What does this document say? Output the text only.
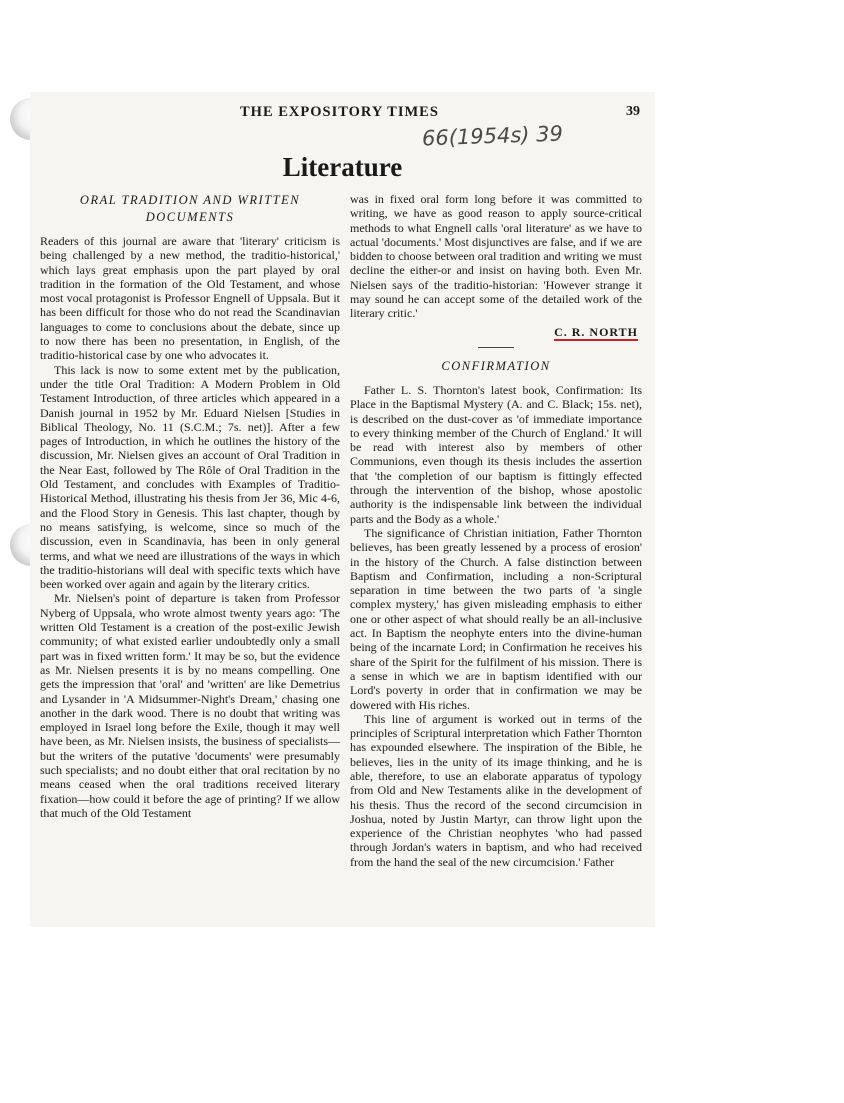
THE EXPOSITORY TIMES	39
66(1954s) 39
Literature
ORAL TRADITION AND WRITTEN
DOCUMENTS

Readers of this journal are aware that 'literary' criticism is being challenged by a new method, the traditio-historical,' which lays great emphasis upon the part played by oral tradition in the formation of the Old Testament, and whose most vocal protagonist is Professor Engnell of Uppsala. But it has been difficult for those who do not read the Scandinavian languages to come to conclusions about the debate, since up to now there has been no presentation, in English, of the traditio-historical case by one who advocates it.

This lack is now to some extent met by the publication, under the title Oral Tradition: A Modern Problem in Old Testament Introduction, of three articles which appeared in a Danish journal in 1952 by Mr. Eduard Nielsen [Studies in Biblical Theology, No. 11 (S.C.M.; 7s. net)]. After a few pages of Introduction, in which he outlines the history of the discussion, Mr. Nielsen gives an account of Oral Tradition in the Near East, followed by The Rôle of Oral Tradition in the Old Testament, and concludes with Examples of Traditio-Historical Method, illustrating his thesis from Jer 36, Mic 4-6, and the Flood Story in Genesis. This last chapter, though by no means satisfying, is welcome, since so much of the discussion, even in Scandinavia, has been in only general terms, and what we need are illustrations of the ways in which the traditio-historians will deal with specific texts which have been worked over again and again by the literary critics.

Mr. Nielsen's point of departure is taken from Professor Nyberg of Uppsala, who wrote almost twenty years ago: 'The written Old Testament is a creation of the post-exilic Jewish community; of what existed earlier undoubtedly only a small part was in fixed written form.' It may be so, but the evidence as Mr. Nielsen presents it is by no means compelling. One gets the impression that 'oral' and 'written' are like Demetrius and Lysander in 'A Midsummer-Night's Dream,' chasing one another in the dark wood. There is no doubt that writing was employed in Israel long before the Exile, though it may well have been, as Mr. Nielsen insists, the business of specialists—but the writers of the putative 'documents' were presumably such specialists; and no doubt either that oral recitation by no means ceased when the oral traditions received literary fixation—how could it before the age of printing? If we allow that much of the Old Testament

was in fixed oral form long before it was committed to writing, we have as good reason to apply source-critical methods to what Engnell calls 'oral literature' as we have to actual 'documents.' Most disjunctives are false, and if we are bidden to choose between oral tradition and writing we must decline the either-or and insist on having both. Even Mr. Nielsen says of the traditio-historian: 'However strange it may sound he can accept some of the detailed work of the literary critic.'

C. R. NORTH
CONFIRMATION

Father L. S. Thornton's latest book, Confirmation: Its Place in the Baptismal Mystery (A. and C. Black; 15s. net), is described on the dust-cover as 'of immediate importance to every thinking member of the Church of England.' It will be read with interest also by members of other Communions, even though its thesis includes the assertion that 'the completion of our baptism is fittingly effected through the intervention of the bishop, whose apostolic authority is the indispensable link between the individual parts and the Body as a whole.'

The significance of Christian initiation, Father Thornton believes, has been greatly lessened by a process of erosion' in the history of the Church. A false distinction between Baptism and Confirmation, including a non-Scriptural separation in time between the two parts of 'a single complex mystery,' has given misleading emphasis to either one or other aspect of what should really be an all-inclusive act. In Baptism the neophyte enters into the divine-human being of the incarnate Lord; in Confirmation he receives his share of the Spirit for the fulfilment of his mission. There is a sense in which we are in baptism identified with our Lord's poverty in order that in confirmation we may be dowered with His riches.

This line of argument is worked out in terms of the principles of Scriptural interpretation which Father Thornton has expounded elsewhere. The inspiration of the Bible, he believes, lies in the unity of its image thinking, and he is able, therefore, to use an elaborate apparatus of typology from Old and New Testaments alike in the development of his thesis. Thus the record of the second circumcision in Joshua, noted by Justin Martyr, can throw light upon the experience of the Christian neophytes 'who had passed through Jordan's waters in baptism, and who had received from the hand the seal of the new circumcision.' Father
